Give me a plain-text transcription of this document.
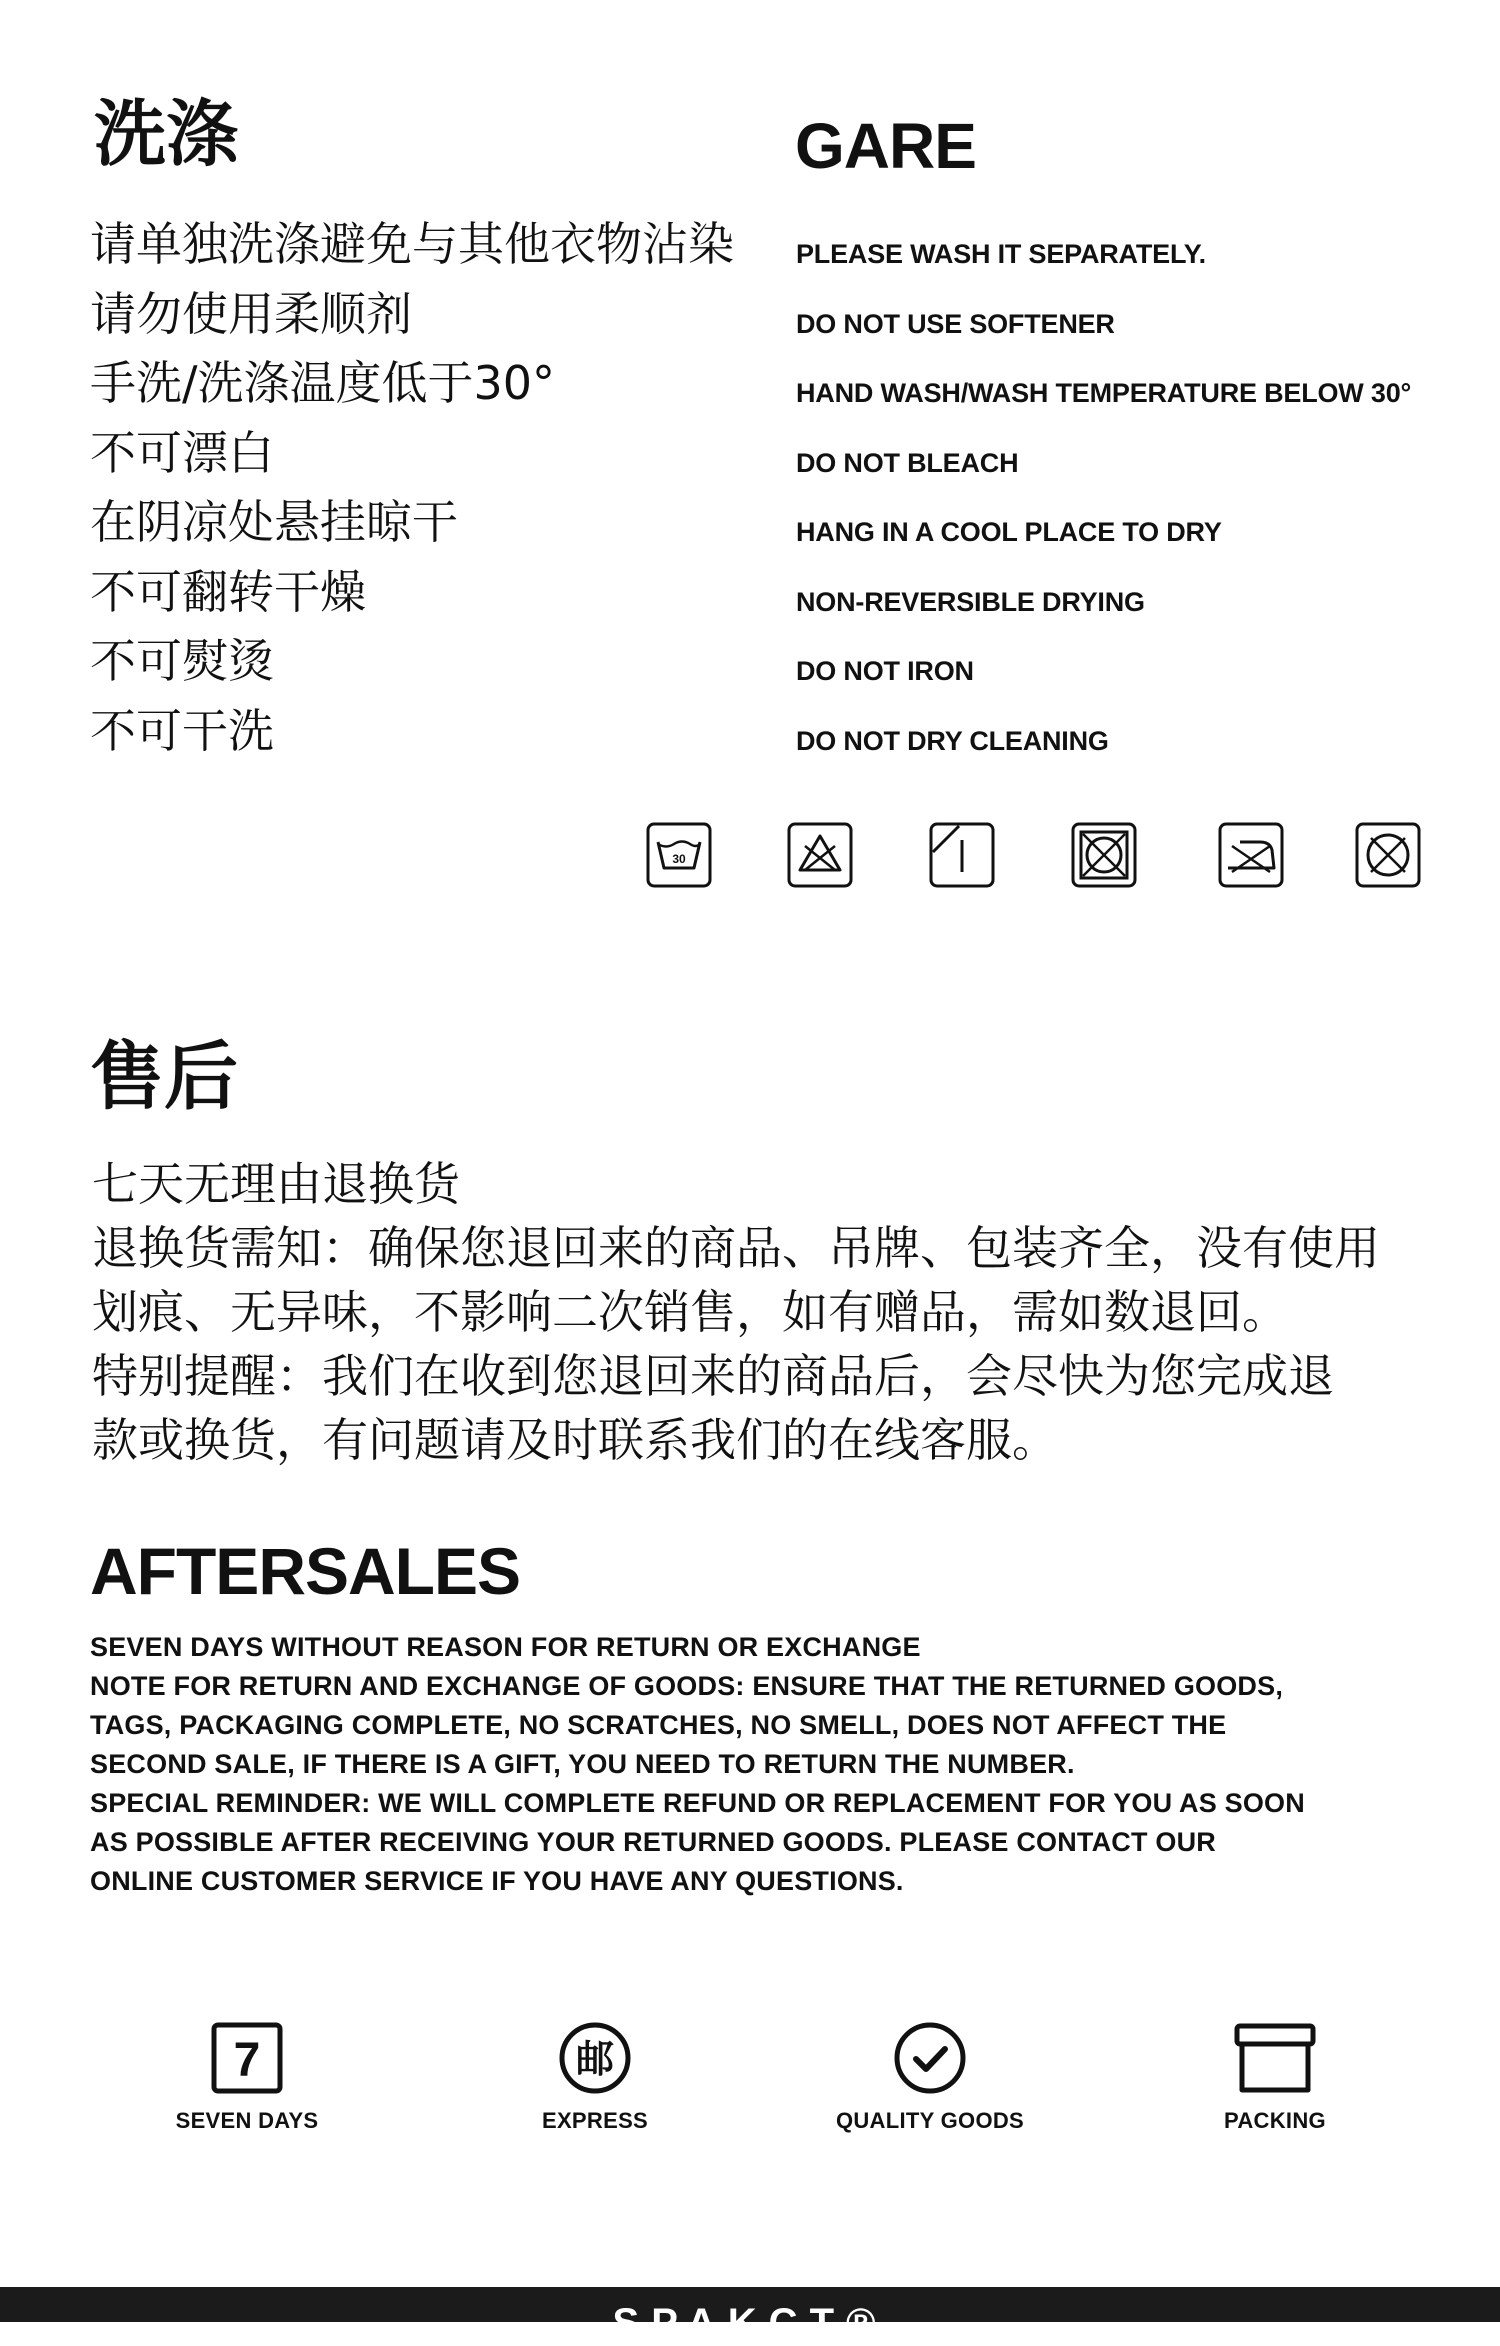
洗涤	GARE
请单独洗涤避免与其他衣物沾染
请勿使用柔顺剂
手洗/洗涤温度低于30°
不可漂白
在阴凉处悬挂晾干
不可翻转干燥
不可熨烫
不可干洗
PLEASE WASH IT SEPARATELY.
DO NOT USE SOFTENER
HAND WASH/WASH TEMPERATURE BELOW 30°
DO NOT BLEACH
HANG IN A COOL PLACE TO DRY
NON-REVERSIBLE DRYING
DO NOT IRON
DO NOT DRY CLEANING
30
售后
七天无理由退换货
退换货需知：确保您退回来的商品、吊牌、包装齐全，没有使用
划痕、无异味，不影响二次销售，如有赠品，需如数退回。
特别提醒：我们在收到您退回来的商品后，会尽快为您完成退
款或换货，有问题请及时联系我们的在线客服。
AFTERSALES
SEVEN DAYS WITHOUT REASON FOR RETURN OR EXCHANGE
NOTE FOR RETURN AND EXCHANGE OF GOODS: ENSURE THAT THE RETURNED GOODS,
TAGS, PACKAGING COMPLETE, NO SCRATCHES, NO SMELL, DOES NOT AFFECT THE
SECOND SALE, IF THERE IS A GIFT, YOU NEED TO RETURN THE NUMBER.
SPECIAL REMINDER: WE WILL COMPLETE REFUND OR REPLACEMENT FOR YOU AS SOON
AS POSSIBLE AFTER RECEIVING YOUR RETURNED GOODS. PLEASE CONTACT OUR
ONLINE CUSTOMER SERVICE IF YOU HAVE ANY QUESTIONS.
7
SEVEN DAYS
邮
EXPRESS	QUALITY GOODS	PACKING
SPAKCT®
